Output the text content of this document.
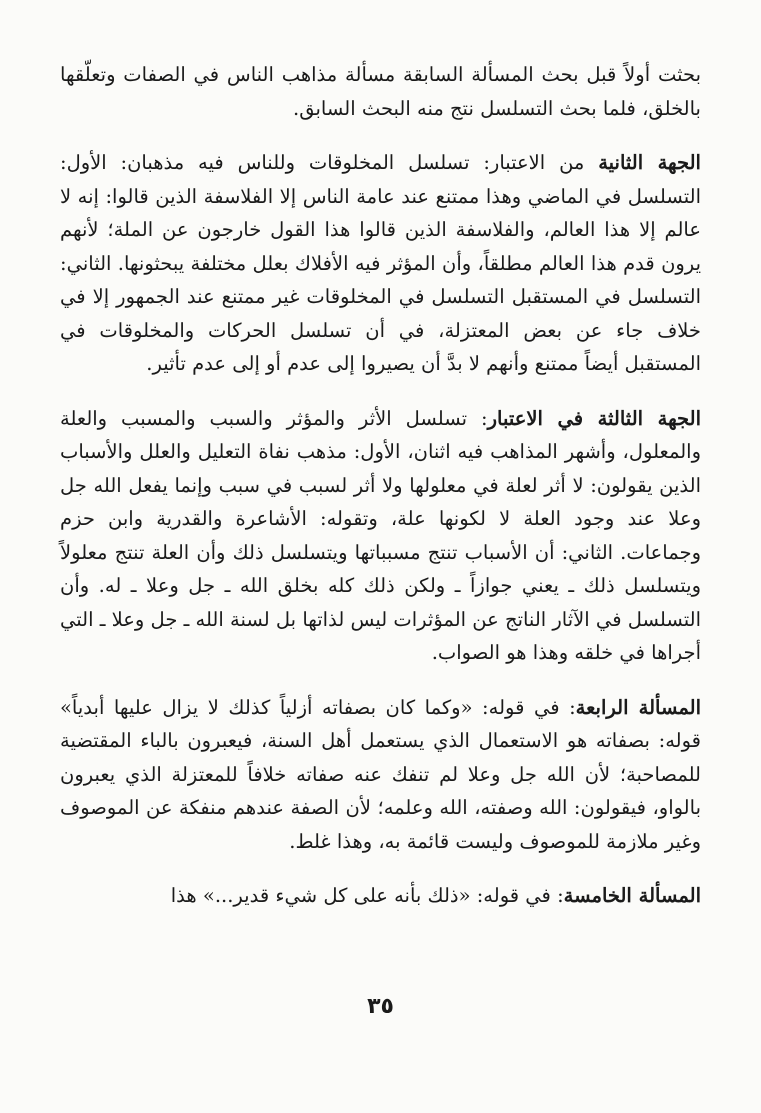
بحثت أولاً قبل بحث المسألة السابقة مسألة مذاهب الناس في الصفات وتعلّقها بالخلق، فلما بحث التسلسل نتج منه البحث السابق.

الجهة الثانية من الاعتبار: تسلسل المخلوقات وللناس فيه مذهبان: الأول: التسلسل في الماضي وهذا ممتنع عند عامة الناس إلا الفلاسفة الذين قالوا: إنه لا عالم إلا هذا العالم، والفلاسفة الذين قالوا هذا القول خارجون عن الملة؛ لأنهم يرون قدم هذا العالم مطلقاً، وأن المؤثر فيه الأفلاك بعلل مختلفة يبحثونها. الثاني: التسلسل في المستقبل التسلسل في المخلوقات غير ممتنع عند الجمهور إلا في خلاف جاء عن بعض المعتزلة، في أن تسلسل الحركات والمخلوقات في المستقبل أيضاً ممتنع وأنهم لا بدَّ أن يصيروا إلى عدم أو إلى عدم تأثير.

الجهة الثالثة في الاعتبار: تسلسل الأثر والمؤثر والسبب والمسبب والعلة والمعلول، وأشهر المذاهب فيه اثنان، الأول: مذهب نفاة التعليل والعلل والأسباب الذين يقولون: لا أثر لعلة في معلولها ولا أثر لسبب في سبب وإنما يفعل الله جل وعلا عند وجود العلة لا لكونها علة، وتقوله: الأشاعرة والقدرية وابن حزم وجماعات. الثاني: أن الأسباب تنتج مسبباتها ويتسلسل ذلك وأن العلة تنتج معلولاً ويتسلسل ذلك ـ يعني جوازاً ـ ولكن ذلك كله بخلق الله ـ جل وعلا ـ له. وأن التسلسل في الآثار الناتج عن المؤثرات ليس لذاتها بل لسنة الله ـ جل وعلا ـ التي أجراها في خلقه وهذا هو الصواب.

المسألة الرابعة: في قوله: «وكما كان بصفاته أزلياً كذلك لا يزال عليها أبدياً» قوله: بصفاته هو الاستعمال الذي يستعمل أهل السنة، فيعبرون بالباء المقتضية للمصاحبة؛ لأن الله جل وعلا لم تنفك عنه صفاته خلافاً للمعتزلة الذي يعبرون بالواو، فيقولون: الله وصفته، الله وعلمه؛ لأن الصفة عندهم منفكة عن الموصوف وغير ملازمة للموصوف وليست قائمة به، وهذا غلط.

المسألة الخامسة: في قوله: «ذلك بأنه على كل شيء قدير...» هذا

٣٥
